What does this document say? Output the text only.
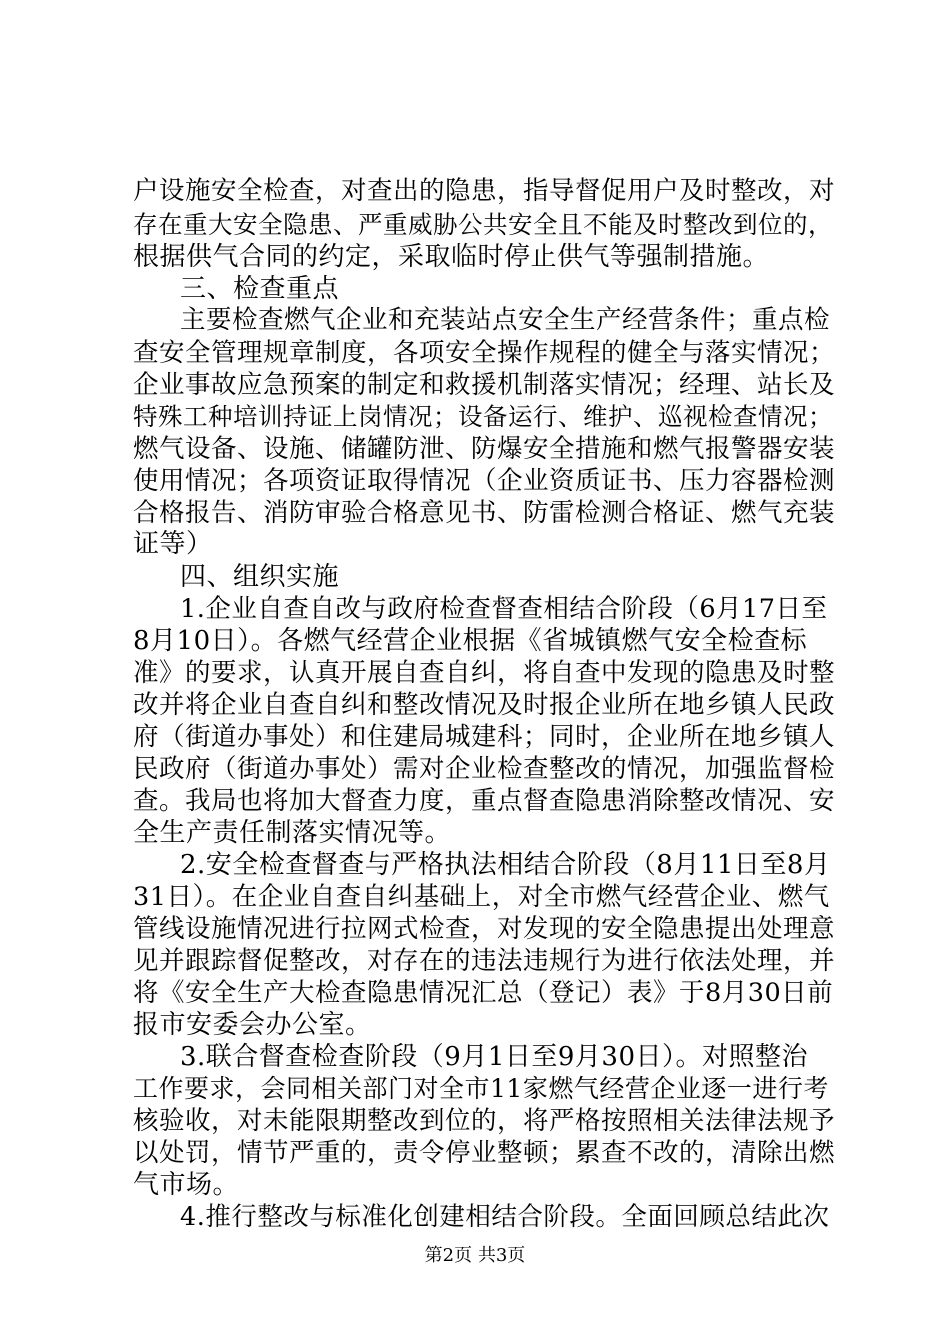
户设施安全检查，对查出的隐患，指导督促用户及时整改，对
存在重大安全隐患、严重威胁公共安全且不能及时整改到位的，
根据供气合同的约定，采取临时停止供气等强制措施。
三、检查重点
主要检查燃气企业和充装站点安全生产经营条件；重点检
查安全管理规章制度，各项安全操作规程的健全与落实情况；
企业事故应急预案的制定和救援机制落实情况；经理、站长及
特殊工种培训持证上岗情况；设备运行、维护、巡视检查情况；
燃气设备、设施、储罐防泄、防爆安全措施和燃气报警器安装
使用情况；各项资证取得情况（企业资质证书、压力容器检测
合格报告、消防审验合格意见书、防雷检测合格证、燃气充装
证等）
四、组织实施
1.企业自查自改与政府检查督查相结合阶段（6月17日至
8月10日）。各燃气经营企业根据《省城镇燃气安全检查标
准》的要求，认真开展自查自纠，将自查中发现的隐患及时整
改并将企业自查自纠和整改情况及时报企业所在地乡镇人民政
府（街道办事处）和住建局城建科；同时，企业所在地乡镇人
民政府（街道办事处）需对企业检查整改的情况，加强监督检
查。我局也将加大督查力度，重点督查隐患消除整改情况、安
全生产责任制落实情况等。
2.安全检查督查与严格执法相结合阶段（8月11日至8月
31日）。在企业自查自纠基础上，对全市燃气经营企业、燃气
管线设施情况进行拉网式检查，对发现的安全隐患提出处理意
见并跟踪督促整改，对存在的违法违规行为进行依法处理，并
将《安全生产大检查隐患情况汇总（登记）表》于8月30日前
报市安委会办公室。
3.联合督查检查阶段（9月1日至9月30日）。对照整治
工作要求，会同相关部门对全市11家燃气经营企业逐一进行考
核验收，对未能限期整改到位的，将严格按照相关法律法规予
以处罚，情节严重的，责令停业整顿；累查不改的，清除出燃
气市场。
4.推行整改与标准化创建相结合阶段。全面回顾总结此次
第2页 共3页
